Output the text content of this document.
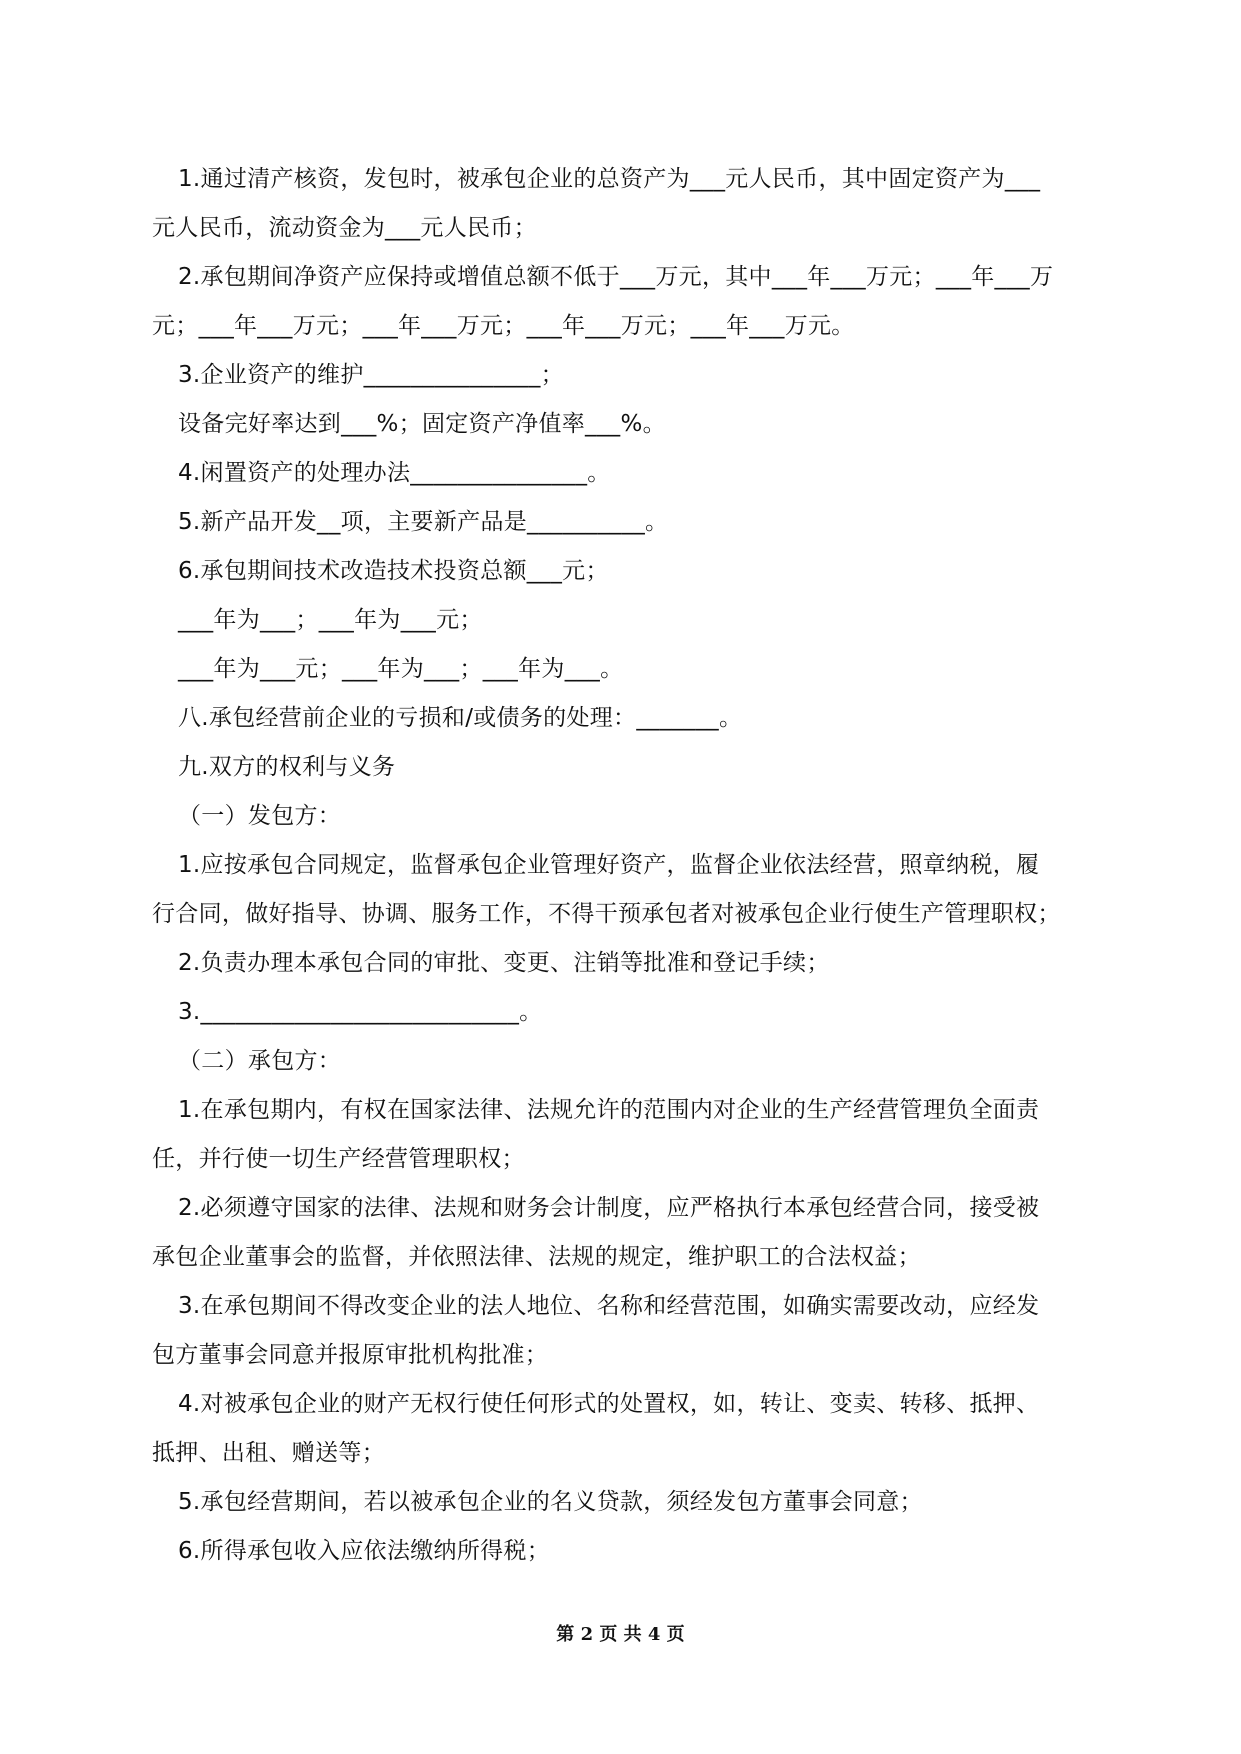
1.通过清产核资，发包时，被承包企业的总资产为___元人民币，其中固定资产为___

元人民币，流动资金为___元人民币；

2.承包期间净资产应保持或增值总额不低于___万元，其中___年___万元；___年___万

元；___年___万元；___年___万元；___年___万元；___年___万元。

3.企业资产的维护_______________；

设备完好率达到___%；固定资产净值率___%。

4.闲置资产的处理办法_______________。

5.新产品开发__项，主要新产品是__________。

6.承包期间技术改造技术投资总额___元；

___年为___；___年为___元；

___年为___元；___年为___；___年为___。

八.承包经营前企业的亏损和/或债务的处理：_______。

九.双方的权利与义务

（一）发包方：

1.应按承包合同规定，监督承包企业管理好资产，监督企业依法经营，照章纳税，履

行合同，做好指导、协调、服务工作，不得干预承包者对被承包企业行使生产管理职权；

2.负责办理本承包合同的审批、变更、注销等批准和登记手续；

3.___________________________。

（二）承包方：

1.在承包期内，有权在国家法律、法规允许的范围内对企业的生产经营管理负全面责

任，并行使一切生产经营管理职权；

2.必须遵守国家的法律、法规和财务会计制度，应严格执行本承包经营合同，接受被

承包企业董事会的监督，并依照法律、法规的规定，维护职工的合法权益；

3.在承包期间不得改变企业的法人地位、名称和经营范围，如确实需要改动，应经发

包方董事会同意并报原审批机构批准；

4.对被承包企业的财产无权行使任何形式的处置权，如，转让、变卖、转移、抵押、

抵押、出租、赠送等；

5.承包经营期间，若以被承包企业的名义贷款，须经发包方董事会同意；

6.所得承包收入应依法缴纳所得税；

第 2 页 共 4 页
